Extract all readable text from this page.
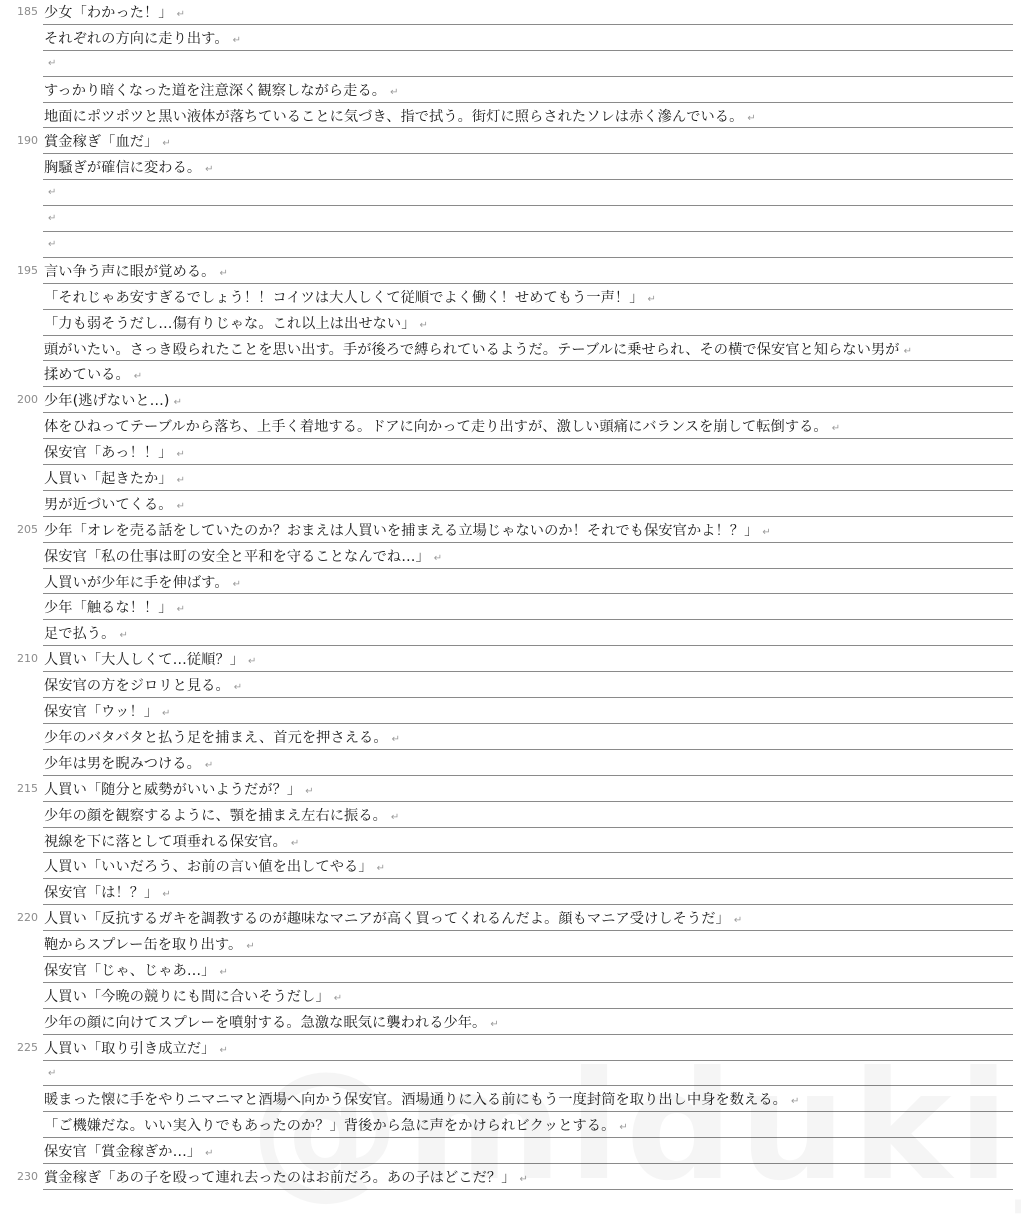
185 少女「わかった！」 ↵
それぞれの方向に走り出す。 ↵
↵
すっかり暗くなった道を注意深く観察しながら走る。 ↵
地面にポツポツと黒い液体が落ちていることに気づき、指で拭う。街灯に照らされたソレは赤く滲んでいる。 ↵
190 賞金稼ぎ「血だ」 ↵
胸騒ぎが確信に変わる。 ↵
↵
↵
↵
195 言い争う声に眼が覚める。 ↵
「それじゃあ安すぎるでしょう！！コイツは大人しくて従順でよく働く！せめてもう一声！」 ↵
「力も弱そうだし…傷有りじゃな。これ以上は出せない」 ↵
頭がいたい。さっき殴られたことを思い出す。手が後ろで縛られているようだ。テーブルに乗せられ、その横で保安官と知らない男が ↵
揉めている。 ↵
200 少年(逃げないと…) ↵
体をひねってテーブルから落ち、上手く着地する。ドアに向かって走り出すが、激しい頭痛にバランスを崩して転倒する。 ↵
保安官「あっ！！」 ↵
人買い「起きたか」 ↵
男が近づいてくる。 ↵
205 少年「オレを売る話をしていたのか？おまえは人買いを捕まえる立場じゃないのか！それでも保安官かよ！？」 ↵
保安官「私の仕事は町の安全と平和を守ることなんでね…」 ↵
人買いが少年に手を伸ばす。 ↵
少年「触るな！！」 ↵
足で払う。 ↵
210 人買い「大人しくて…従順？」 ↵
保安官の方をジロリと見る。 ↵
保安官「ウッ！」 ↵
少年のバタバタと払う足を捕まえ、首元を押さえる。 ↵
少年は男を睨みつける。 ↵
215 人買い「随分と威勢がいいようだが？」 ↵
少年の顔を観察するように、顎を捕まえ左右に振る。 ↵
視線を下に落として項垂れる保安官。 ↵
人買い「いいだろう、お前の言い値を出してやる」 ↵
保安官「は！？」 ↵
220 人買い「反抗するガキを調教するのが趣味なマニアが高く買ってくれるんだよ。顔もマニア受けしそうだ」 ↵
鞄からスプレー缶を取り出す。 ↵
保安官「じゃ、じゃあ…」 ↵
人買い「今晩の競りにも間に合いそうだし」 ↵
少年の顔に向けてスプレーを噴射する。急激な眠気に襲われる少年。 ↵
225 人買い「取り引き成立だ」 ↵
↵
暖まった懐に手をやりニマニマと酒場へ向かう保安官。酒場通りに入る前にもう一度封筒を取り出し中身を数える。 ↵
「ご機嫌だな。いい実入りでもあったのか？」背後から急に声をかけられビクッとする。 ↵
保安官「賞金稼ぎか…」 ↵
230 賞金稼ぎ「あの子を殴って連れ去ったのはお前だろ。あの子はどこだ？」 ↵
